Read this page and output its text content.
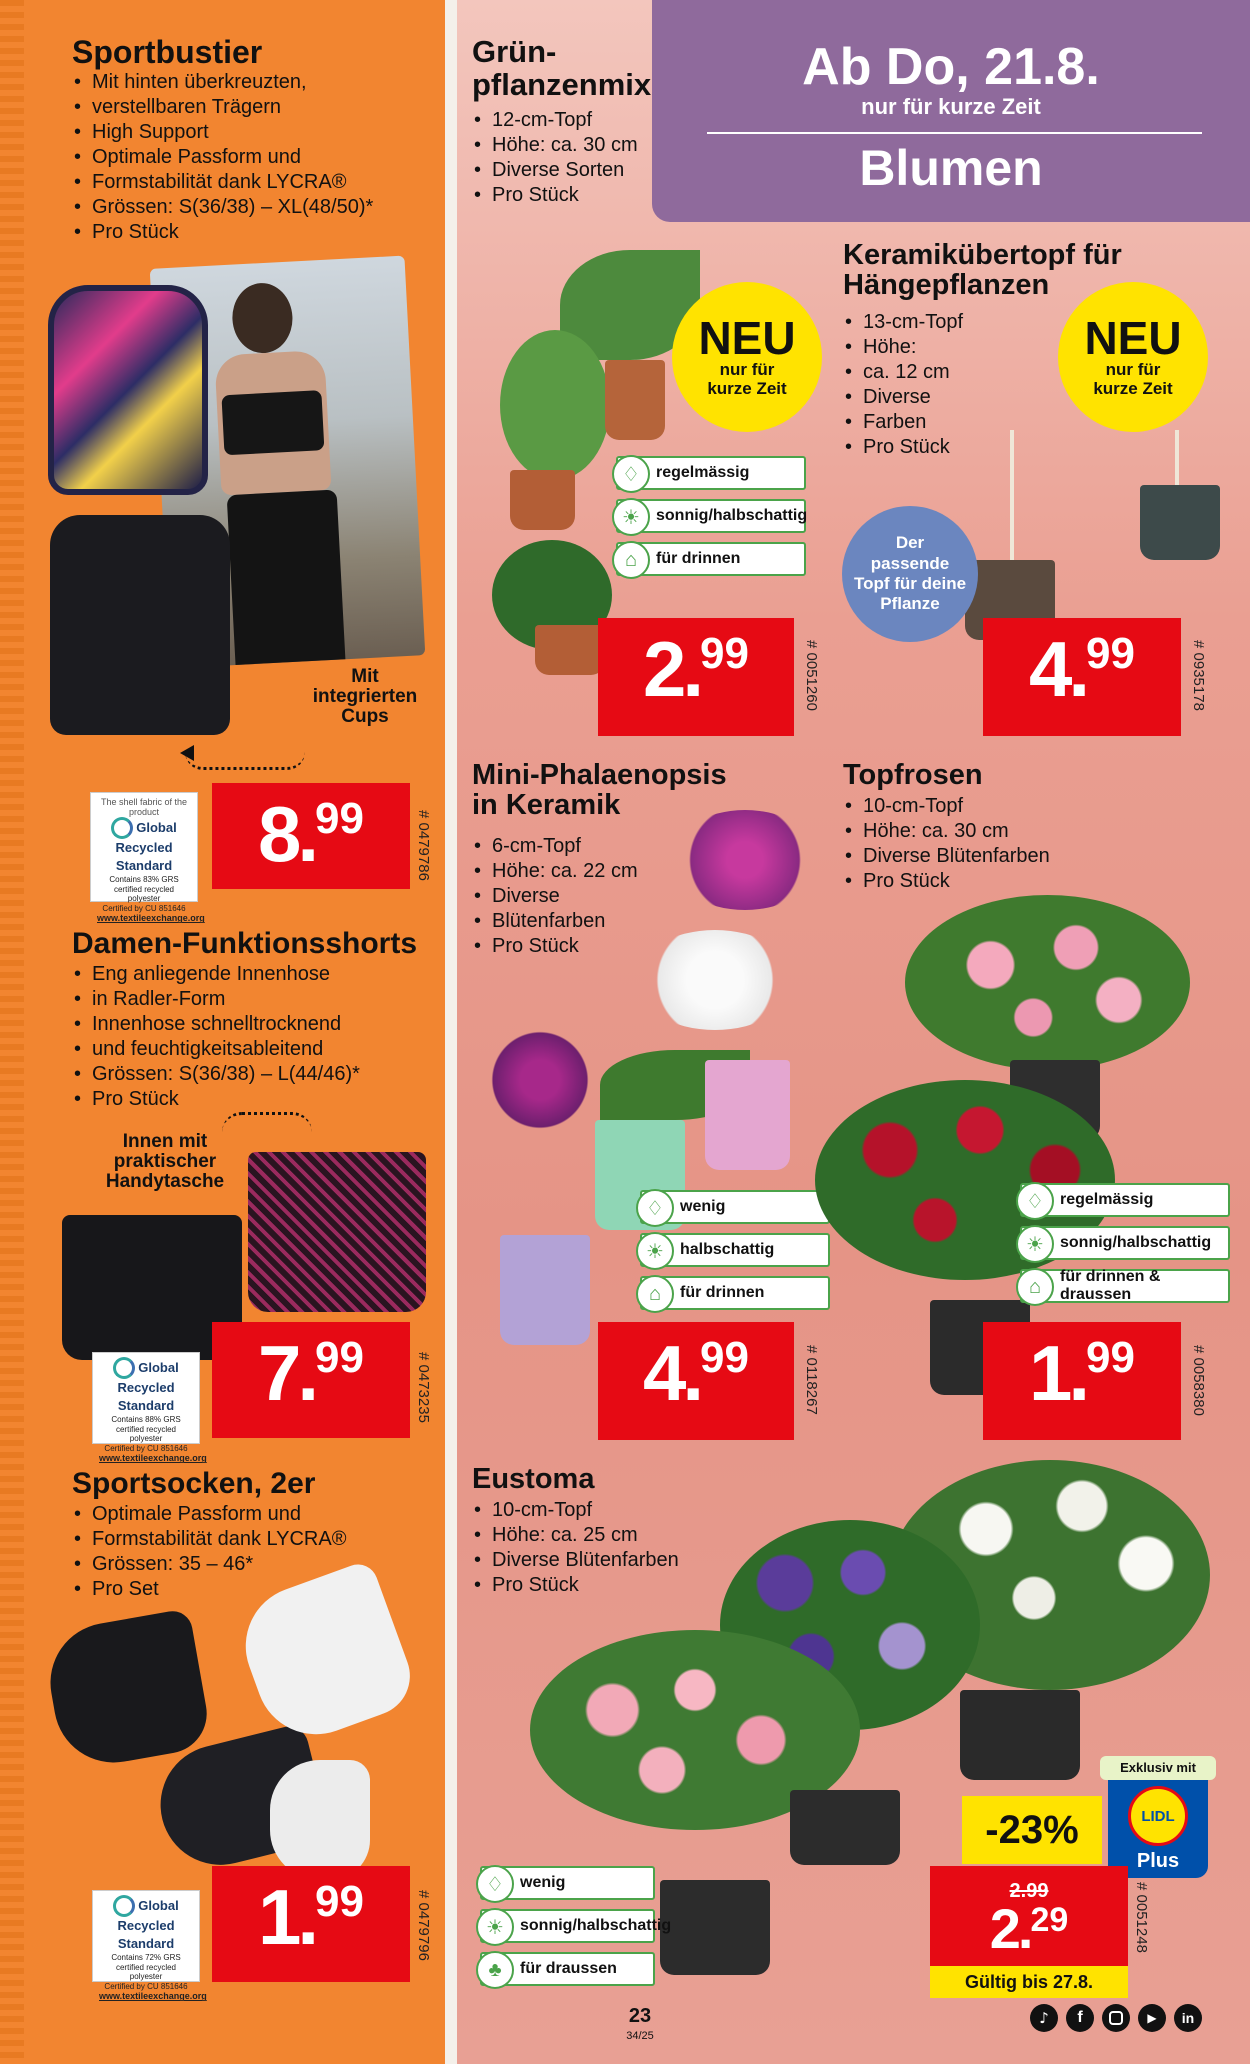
Sportbustier
• Mit hinten überkreuzten,
• verstellbaren Trägern
• High Support
• Optimale Passform und
• Formstabilität dank LYCRA®
• Grössen: S(36/38) – XL(48/50)*
• Pro Stück
Mit
integrierten
Cups
The shell fabric of the product
Global Recycled Standard
Contains 83% GRS
certified recycled polyester
Certified by CU 851646
www.textileexchange.org
8
.
99	# 0479786
Damen-Funktionsshorts
• Eng anliegende Innenhose
• in Radler-Form
• Innenhose schnelltrocknend
• und feuchtigkeitsableitend
• Grössen: S(36/38) – L(44/46)*
• Pro Stück
Innen mit
praktischer
Handytasche
Global Recycled Standard
Contains 88% GRS
certified recycled polyester
Certified by CU 851646
www.textileexchange.org
7
.
99	# 0473235
Sportsocken, 2er
• Optimale Passform und
• Formstabilität dank LYCRA®
• Grössen: 35 – 46*
• Pro Set
Global Recycled Standard
Contains 72% GRS
certified recycled polyester
Certified by CU 851646
www.textileexchange.org
1
.
99	# 0479796
Ab Do, 21.8.
nur für kurze Zeit
Blumen
Grün-
pflanzenmix
• 12-cm-Topf
• Höhe: ca. 30 cm
• Diverse Sorten
• Pro Stück
NEU
nur für
kurze Zeit
♢	regelmässig
☀	sonnig/halbschattig
⌂	für drinnen
2
.
99	# 0051260
Keramikübertopf für
Hängepflanzen
• 13-cm-Topf
• Höhe:
• ca. 12 cm
• Diverse
• Farben
• Pro Stück
NEU
nur für
kurze Zeit
Der
passende
Topf für deine
Pflanze
4
.
99	# 0935178
Mini-Phalaenopsis
in Keramik
• 6-cm-Topf
• Höhe: ca. 22 cm
• Diverse
• Blütenfarben
• Pro Stück
♢	wenig
☀	halbschattig
⌂	für drinnen
4
.
99	# 0118267
Topfrosen
• 10-cm-Topf
• Höhe: ca. 30 cm
• Diverse Blütenfarben
• Pro Stück
♢	regelmässig
☀	sonnig/halbschattig
⌂	für drinnen & draussen
1
.
99	# 0058380
Eustoma
• 10-cm-Topf
• Höhe: ca. 25 cm
• Diverse Blütenfarben
• Pro Stück
♢	wenig
☀	sonnig/halbschattig
♣	für draussen
-23%
Exklusiv mit
LIDL
Plus
2.99
2
.
29
Gültig bis 27.8.
# 0051248
23
34/25
♪	f	▶	in
